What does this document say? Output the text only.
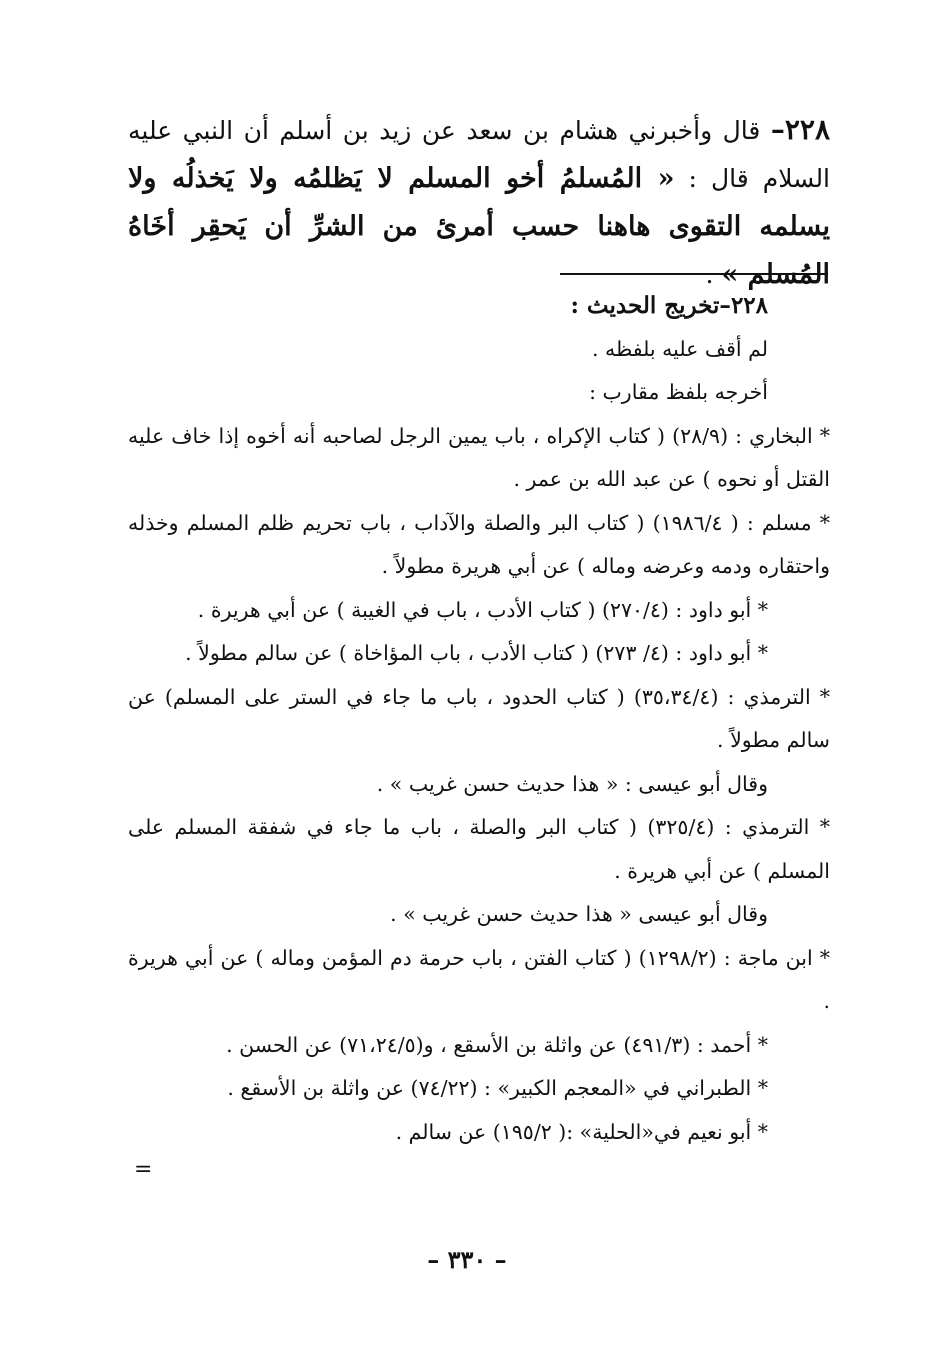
٢٢٨– قال وأخبرني هشام بن سعد عن زيد بن أسلم أن النبي عليه السلام قال : « المُسلمُ أخو المسلم لا يَظلمُه ولا يَخذلُه ولا يسلمه التقوى هاهنا حسب أمرئ من الشرِّ أن يَحقِر أخَاهُ المُسلم » .

٢٢٨–تخريج الحديث :

لم أقف عليه بلفظه .

أخرجه بلفظ مقارب :

* البخاري : (٢٨/٩) ( كتاب الإكراه ، باب يمين الرجل لصاحبه أنه أخوه إذا خاف عليه القتل أو نحوه ) عن عبد الله بن عمر .

* مسلم : ( ١٩٨٦/٤) ( كتاب البر والصلة والآداب ، باب تحريم ظلم المسلم وخذله واحتقاره ودمه وعرضه وماله ) عن أبي هريرة مطولاً .

* أبو داود : (٢٧٠/٤) ( كتاب الأدب ، باب في الغيبة ) عن أبي هريرة .

* أبو داود : (٤/ ٢٧٣) ( كتاب الأدب ، باب المؤاخاة ) عن سالم مطولاً .

* الترمذي : (٣٥،٣٤/٤) ( كتاب الحدود ، باب ما جاء في الستر على المسلم) عن سالم مطولاً .

وقال أبو عيسى : « هذا حديث حسن غريب » .

* الترمذي : (٣٢٥/٤) ( كتاب البر والصلة ، باب ما جاء في شفقة المسلم على المسلم ) عن أبي هريرة .

وقال أبو عيسى « هذا حديث حسن غريب » .

* ابن ماجة : (١٢٩٨/٢) ( كتاب الفتن ، باب حرمة دم المؤمن وماله ) عن أبي هريرة .

* أحمد : (٤٩١/٣) عن واثلة بن الأسقع ، و(٧١،٢٤/٥) عن الحسن .

* الطبراني في «المعجم الكبير» : (٧٤/٢٢) عن واثلة بن الأسقع .

* أبو نعيم في«الحلية» :( ١٩٥/٢) عن سالم .

=
– ٣٣٠ –
